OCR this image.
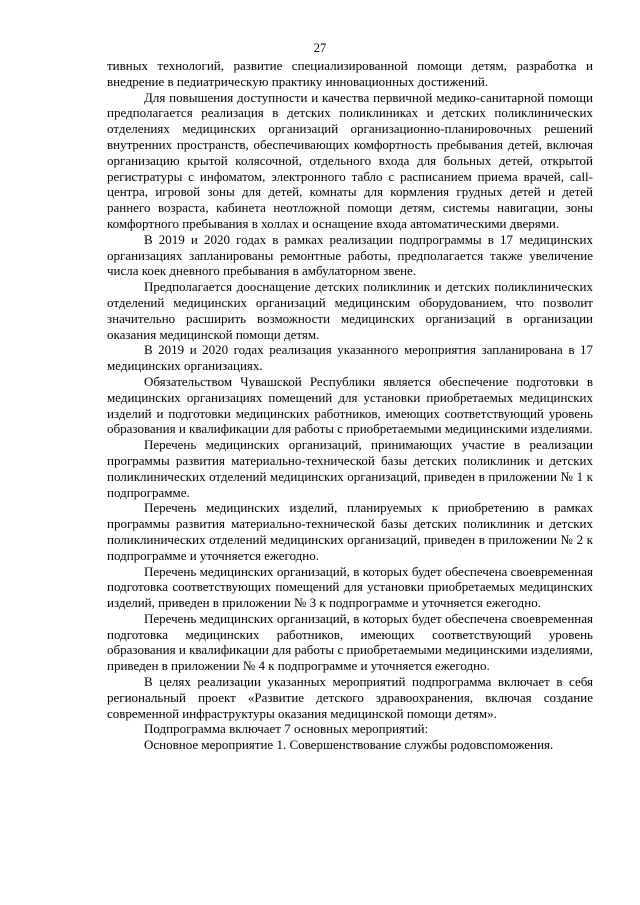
27

тивных технологий, развитие специализированной помощи детям, разработка и внедрение в педиатрическую практику инновационных достижений.

Для повышения доступности и качества первичной медико-санитарной помощи предполагается реализация в детских поликлиниках и детских поликлинических отделениях медицинских организаций организационно-планировочных решений внутренних пространств, обеспечивающих комфортность пребывания детей, включая организацию крытой колясочной, отдельного входа для больных детей, открытой регистратуры с инфоматом, электронного табло с расписанием приема врачей, call-центра, игровой зоны для детей, комнаты для кормления грудных детей и детей раннего возраста, кабинета неотложной помощи детям, системы навигации, зоны комфортного пребывания в холлах и оснащение входа автоматическими дверями.

В 2019 и 2020 годах в рамках реализации подпрограммы в 17 медицинских организациях запланированы ремонтные работы, предполагается также увеличение числа коек дневного пребывания в амбулаторном звене.

Предполагается дооснащение детских поликлиник и детских поликлинических отделений медицинских организаций медицинским оборудованием, что позволит значительно расширить возможности медицинских организаций в организации оказания медицинской помощи детям.

В 2019 и 2020 годах реализация указанного мероприятия запланирована в 17 медицинских организациях.

Обязательством Чувашской Республики является обеспечение подготовки в медицинских организациях помещений для установки приобретаемых медицинских изделий и подготовки медицинских работников, имеющих соответствующий уровень образования и квалификации для работы с приобретаемыми медицинскими изделиями.

Перечень медицинских организаций, принимающих участие в реализации программы развития материально-технической базы детских поликлиник и детских поликлинических отделений медицинских организаций, приведен в приложении № 1 к подпрограмме.

Перечень медицинских изделий, планируемых к приобретению в рамках программы развития материально-технической базы детских поликлиник и детских поликлинических отделений медицинских организаций, приведен в приложении № 2 к подпрограмме и уточняется ежегодно.

Перечень медицинских организаций, в которых будет обеспечена своевременная подготовка соответствующих помещений для установки приобретаемых медицинских изделий, приведен в приложении № 3 к подпрограмме и уточняется ежегодно.

Перечень медицинских организаций, в которых будет обеспечена своевременная подготовка медицинских работников, имеющих соответствующий уровень образования и квалификации для работы с приобретаемыми медицинскими изделиями, приведен в приложении № 4 к подпрограмме и уточняется ежегодно.

В целях реализации указанных мероприятий подпрограмма включает в себя региональный проект «Развитие детского здравоохранения, включая создание современной инфраструктуры оказания медицинской помощи детям».

Подпрограмма включает 7 основных мероприятий:

Основное мероприятие 1. Совершенствование службы родовспоможения.
